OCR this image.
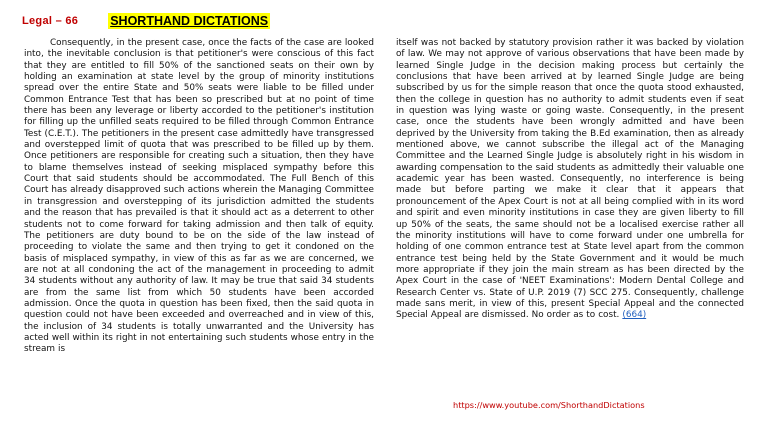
Legal – 66	SHORTHAND DICTATIONS
Consequently, in the present case, once the facts of the case are looked into, the inevitable conclusion is that petitioner's were conscious of this fact that they are entitled to fill 50% of the sanctioned seats on their own by holding an examination at state level by the group of minority institutions spread over the entire State and 50% seats were liable to be filled under Common Entrance Test that has been so prescribed but at no point of time there has been any leverage or liberty accorded to the petitioner's institution for filling up the unfilled seats required to be filled through Common Entrance Test (C.E.T.). The petitioners in the present case admittedly have transgressed and overstepped limit of quota that was prescribed to be filled up by them. Once petitioners are responsible for creating such a situation, then they have to blame themselves instead of seeking misplaced sympathy before this Court that said students should be accommodated. The Full Bench of this Court has already disapproved such actions wherein the Managing Committee in transgression and overstepping of its jurisdiction admitted the students and the reason that has prevailed is that it should act as a deterrent to other students not to come forward for taking admission and then talk of equity. The petitioners are duty bound to be on the side of the law instead of proceeding to violate the same and then trying to get it condoned on the basis of misplaced sympathy, in view of this as far as we are concerned, we are not at all condoning the act of the management in proceeding to admit 34 students without any authority of law. It may be true that said 34 students are from the same list from which 50 students have been accorded admission. Once the quota in question has been fixed, then the said quota in question could not have been exceeded and overreached and in view of this, the inclusion of 34 students is totally unwarranted and the University has acted well within its right in not entertaining such students whose entry in the stream is
itself was not backed by statutory provision rather it was backed by violation of law. We may not approve of various observations that have been made by learned Single Judge in the decision making process but certainly the conclusions that have been arrived at by learned Single Judge are being subscribed by us for the simple reason that once the quota stood exhausted, then the college in question has no authority to admit students even if seat in question was lying waste or going waste. Consequently, in the present case, once the students have been wrongly admitted and have been deprived by the University from taking the B.Ed examination, then as already mentioned above, we cannot subscribe the illegal act of the Managing Committee and the Learned Single Judge is absolutely right in his wisdom in awarding compensation to the said students as admittedly their valuable one academic year has been wasted. Consequently, no interference is being made but before parting we make it clear that it appears that pronouncement of the Apex Court is not at all being complied with in its word and spirit and even minority institutions in case they are given liberty to fill up 50% of the seats, the same should not be a localised exercise rather all the minority institutions will have to come forward under one umbrella for holding of one common entrance test at State level apart from the common entrance test being held by the State Government and it would be much more appropriate if they join the main stream as has been directed by the Apex Court in the case of 'NEET Examinations': Modern Dental College and Research Center vs. State of U.P. 2019 (7) SCC 275. Consequently, challenge made sans merit, in view of this, present Special Appeal and the connected Special Appeal are dismissed. No order as to cost. (664)
https://www.youtube.com/ShorthandDictations
